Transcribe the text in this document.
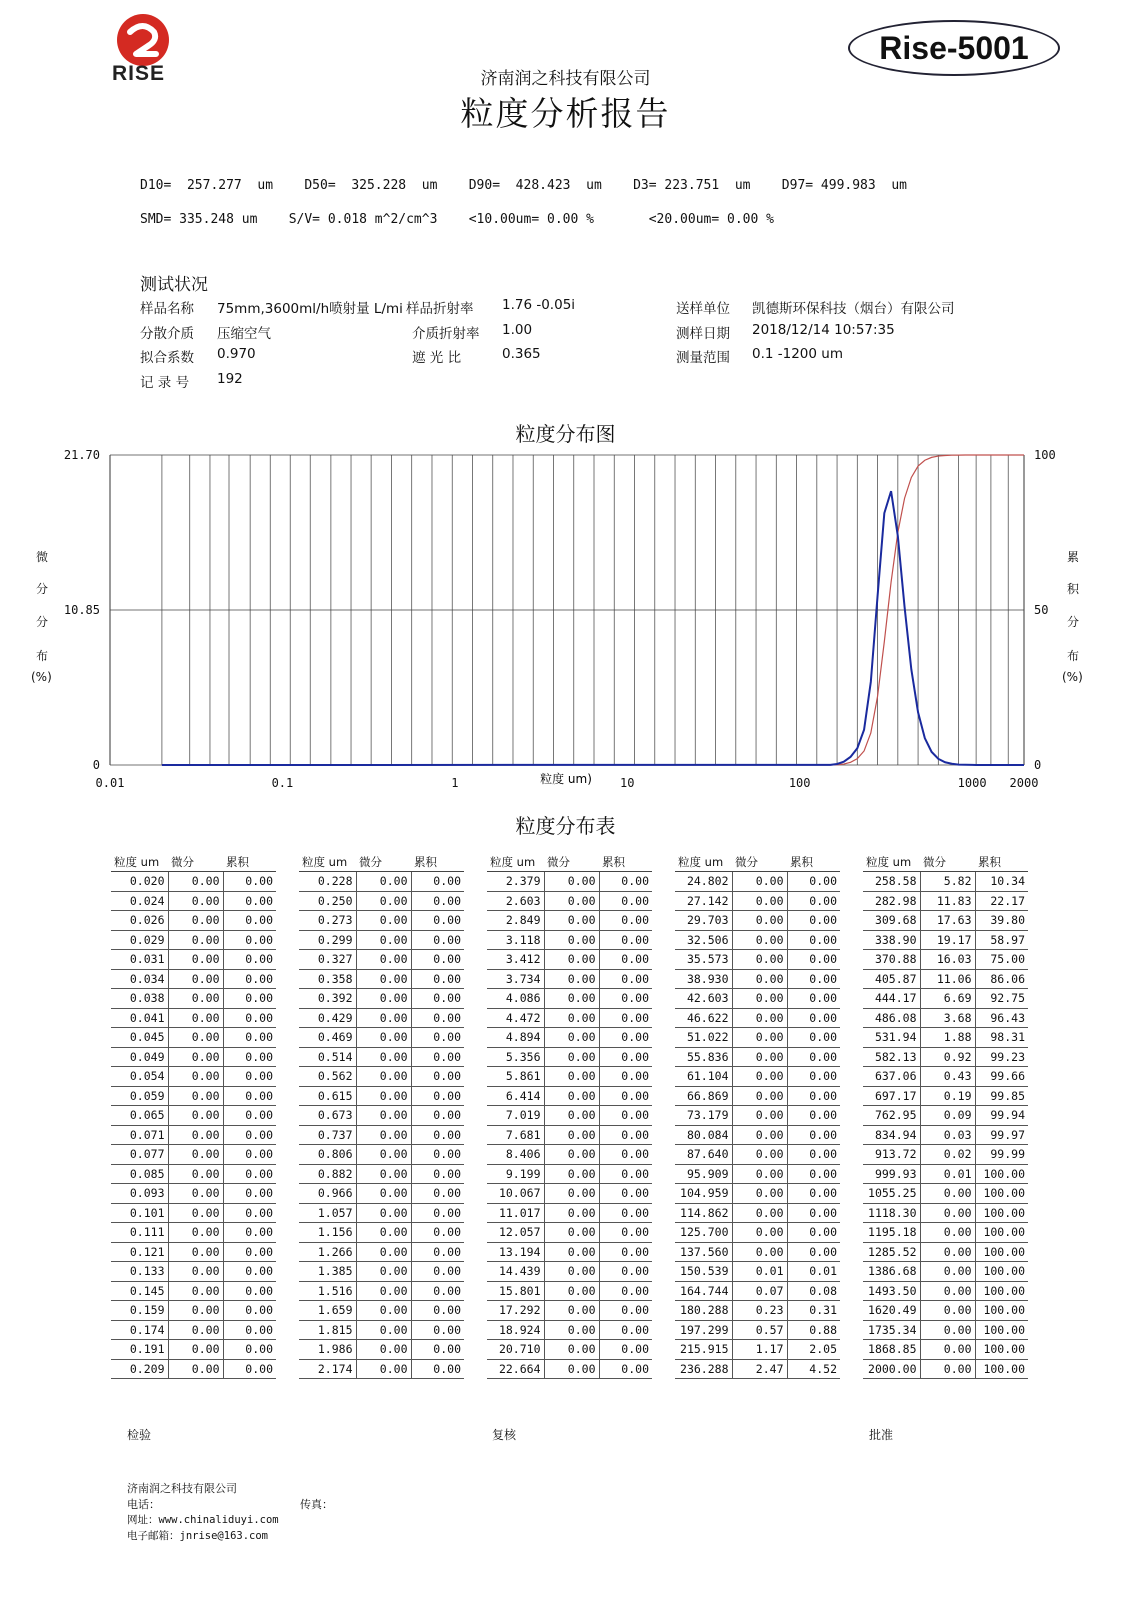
RISE
Rise-5001
济南润之科技有限公司
粒度分析报告
D10=  257.277  um    D50=  325.228  um    D90=  428.423  um    D3= 223.751  um    D97= 499.983  um
SMD= 335.248 um    S/V= 0.018 m^2/cm^3    <10.00um= 0.00 %       <20.00um= 0.00 %
测试状况
样品名称 75mm,3600ml/h喷射量 L/mi 样品折射率 1.76 -0.05i	送样单位 凯德斯环保科技（烟台）有限公司
分散介质 压缩空气	介质折射率 1.00	测样日期 2018/12/14 10:57:35
拟合系数 0.970	遮 光 比	0.365	测量范围 0.1 -1200 um
记 录 号 192
粒度分布图
微
分
分
布
(%)
累
积
分
布
(%)
0.01	0.1	1	10	100	1000 2000
21.70	100
10.85	50
0	0
粒度 um)
粒度分布表
粒度 um	微分	累积
0.020	0.00	0.00
0.024	0.00	0.00
0.026	0.00	0.00
0.029	0.00	0.00
0.031	0.00	0.00
0.034	0.00	0.00
0.038	0.00	0.00
0.041	0.00	0.00
0.045	0.00	0.00
0.049	0.00	0.00
0.054	0.00	0.00
0.059	0.00	0.00
0.065	0.00	0.00
0.071	0.00	0.00
0.077	0.00	0.00
0.085	0.00	0.00
0.093	0.00	0.00
0.101	0.00	0.00
0.111	0.00	0.00
0.121	0.00	0.00
0.133	0.00	0.00
0.145	0.00	0.00
0.159	0.00	0.00
0.174	0.00	0.00
0.191	0.00	0.00
0.209	0.00	0.00
粒度 um	微分	累积
0.228	0.00	0.00
0.250	0.00	0.00
0.273	0.00	0.00
0.299	0.00	0.00
0.327	0.00	0.00
0.358	0.00	0.00
0.392	0.00	0.00
0.429	0.00	0.00
0.469	0.00	0.00
0.514	0.00	0.00
0.562	0.00	0.00
0.615	0.00	0.00
0.673	0.00	0.00
0.737	0.00	0.00
0.806	0.00	0.00
0.882	0.00	0.00
0.966	0.00	0.00
1.057	0.00	0.00
1.156	0.00	0.00
1.266	0.00	0.00
1.385	0.00	0.00
1.516	0.00	0.00
1.659	0.00	0.00
1.815	0.00	0.00
1.986	0.00	0.00
2.174	0.00	0.00
粒度 um	微分	累积
2.379	0.00	0.00
2.603	0.00	0.00
2.849	0.00	0.00
3.118	0.00	0.00
3.412	0.00	0.00
3.734	0.00	0.00
4.086	0.00	0.00
4.472	0.00	0.00
4.894	0.00	0.00
5.356	0.00	0.00
5.861	0.00	0.00
6.414	0.00	0.00
7.019	0.00	0.00
7.681	0.00	0.00
8.406	0.00	0.00
9.199	0.00	0.00
10.067	0.00	0.00
11.017	0.00	0.00
12.057	0.00	0.00
13.194	0.00	0.00
14.439	0.00	0.00
15.801	0.00	0.00
17.292	0.00	0.00
18.924	0.00	0.00
20.710	0.00	0.00
22.664	0.00	0.00
粒度 um	微分	累积
24.802	0.00	0.00
27.142	0.00	0.00
29.703	0.00	0.00
32.506	0.00	0.00
35.573	0.00	0.00
38.930	0.00	0.00
42.603	0.00	0.00
46.622	0.00	0.00
51.022	0.00	0.00
55.836	0.00	0.00
61.104	0.00	0.00
66.869	0.00	0.00
73.179	0.00	0.00
80.084	0.00	0.00
87.640	0.00	0.00
95.909	0.00	0.00
104.959	0.00	0.00
114.862	0.00	0.00
125.700	0.00	0.00
137.560	0.00	0.00
150.539	0.01	0.01
164.744	0.07	0.08
180.288	0.23	0.31
197.299	0.57	0.88
215.915	1.17	2.05
236.288	2.47	4.52
粒度 um	微分	累积
258.58	5.82	10.34
282.98	11.83	22.17
309.68	17.63	39.80
338.90	19.17	58.97
370.88	16.03	75.00
405.87	11.06	86.06
444.17	6.69	92.75
486.08	3.68	96.43
531.94	1.88	98.31
582.13	0.92	99.23
637.06	0.43	99.66
697.17	0.19	99.85
762.95	0.09	99.94
834.94	0.03	99.97
913.72	0.02	99.99
999.93	0.01	100.00
1055.25	0.00	100.00
1118.30	0.00	100.00
1195.18	0.00	100.00
1285.52	0.00	100.00
1386.68	0.00	100.00
1493.50	0.00	100.00
1620.49	0.00	100.00
1735.34	0.00	100.00
1868.85	0.00	100.00
2000.00	0.00	100.00
检验	复核	批准
济南润之科技有限公司
电话：	传真：
网址：www.chinaliduyi.com
电子邮箱：jnrise@163.com
